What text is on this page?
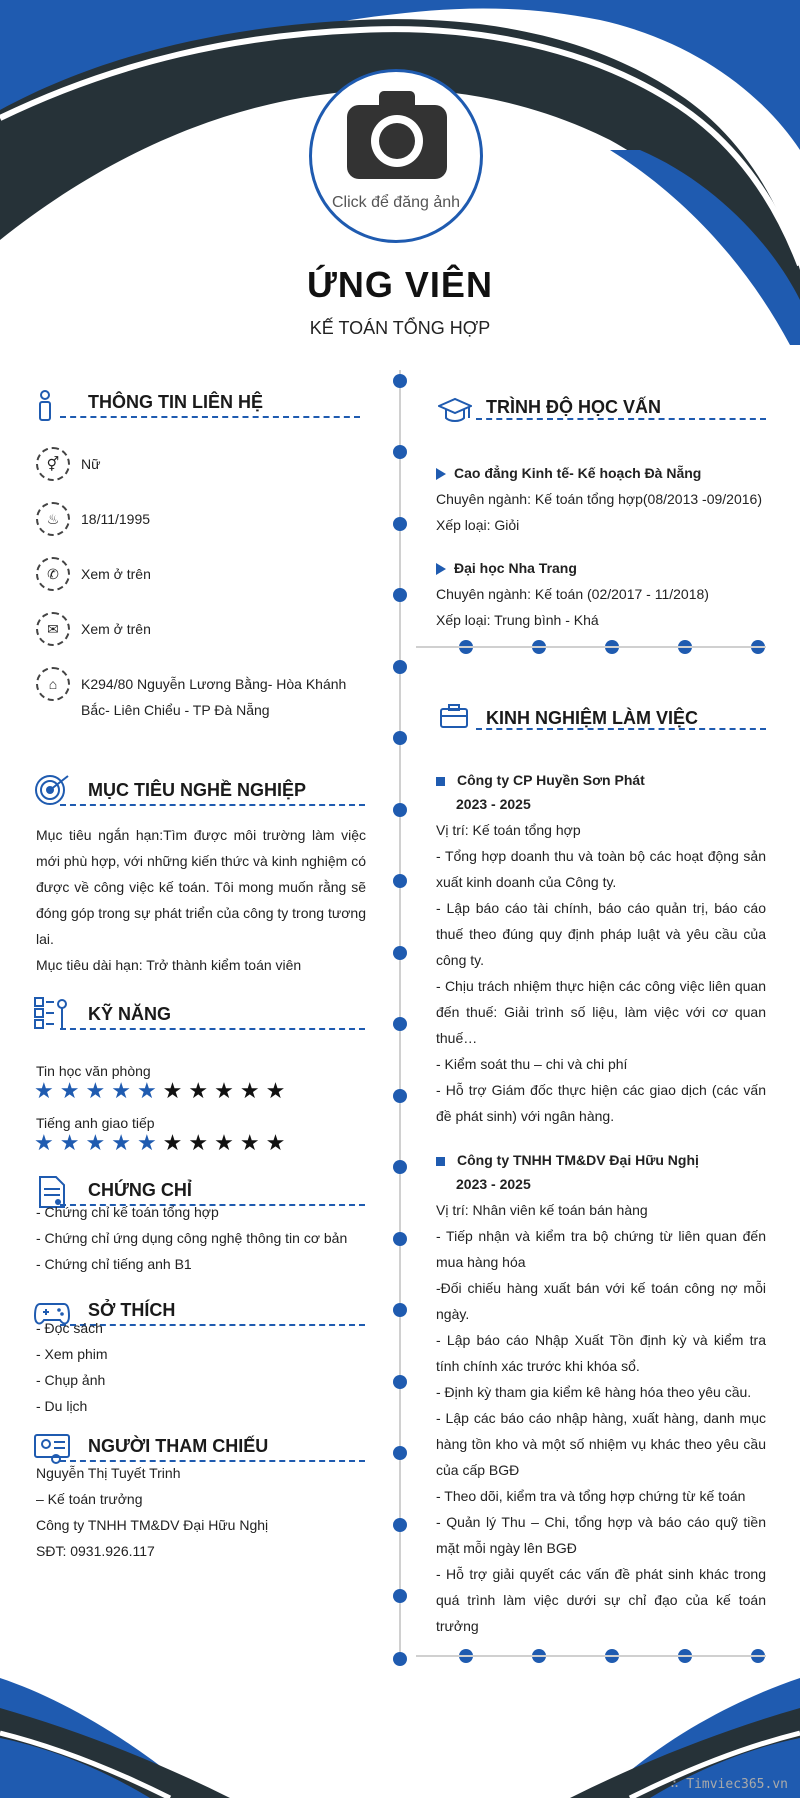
Click để đăng ảnh
ỨNG VIÊN
KẾ TOÁN TỔNG HỢP
THÔNG TIN LIÊN HỆ
⚥	Nữ
♨	18/11/1995
✆	Xem ở trên
✉	Xem ở trên
⌂	K294/80 Nguyễn Lương Bằng- Hòa Khánh
Bắc- Liên Chiểu - TP Đà Nẵng
MỤC TIÊU NGHỀ NGHIỆP
Mục tiêu ngắn hạn:Tìm được môi trường làm việc mới phù hợp, với những kiến thức và kinh nghiệm có được về công việc kế toán. Tôi mong muốn rằng sẽ đóng góp trong sự phát triển của công ty trong tương lai.
Mục tiêu dài hạn: Trở thành kiểm toán viên
KỸ NĂNG
Tin học văn phòng
★★★★★★★★★★
Tiếng anh giao tiếp
★★★★★★★★★★
CHỨNG CHỈ
- Chứng chỉ kế toán tổng hợp
- Chứng chỉ ứng dụng công nghệ thông tin cơ bản
- Chứng chỉ tiếng anh B1
SỞ THÍCH
- Đọc sách
- Xem phim
- Chụp ảnh
- Du lịch
NGƯỜI THAM CHIẾU
Nguyễn Thị Tuyết Trinh
– Kế toán trưởng
Công ty TNHH TM&DV Đại Hữu Nghị
SĐT: 0931.926.117
TRÌNH ĐỘ HỌC VẤN
Cao đẳng Kinh tế- Kế hoạch Đà Nẵng
Chuyên ngành: Kế toán tổng hợp(08/2013 -09/2016)
Xếp loại: Giỏi
Đại học Nha Trang
Chuyên ngành: Kế toán (02/2017 - 11/2018)
Xếp loại: Trung bình - Khá
KINH NGHIỆM LÀM VIỆC
Công ty CP Huyền Sơn Phát
2023 - 2025
Vị trí: Kế toán tổng hợp
- Tổng hợp doanh thu và toàn bộ các hoạt động sản xuất kinh doanh của Công ty.
- Lập báo cáo tài chính, báo cáo quản trị, báo cáo thuế theo đúng quy định pháp luật và yêu cầu của công ty.
- Chịu trách nhiệm thực hiện các công việc liên quan đến thuế: Giải trình số liệu, làm việc với cơ quan thuế…
- Kiểm soát thu – chi và chi phí
- Hỗ trợ Giám đốc thực hiện các giao dịch (các vấn đề phát sinh) với ngân hàng.
Công ty TNHH TM&DV Đại Hữu Nghị
2023 - 2025
Vị trí: Nhân viên kế toán bán hàng
- Tiếp nhận và kiểm tra bộ chứng từ liên quan đến mua hàng hóa
-Đối chiếu hàng xuất bán với kế toán công nợ mỗi ngày.
- Lập báo cáo Nhập Xuất Tồn định kỳ và kiểm tra tính chính xác trước khi khóa sổ.
- Định kỳ tham gia kiểm kê hàng hóa theo yêu cầu.
- Lập các báo cáo nhập hàng, xuất hàng, danh mục hàng tồn kho và một số nhiệm vụ khác theo yêu cầu của cấp BGĐ
- Theo dõi, kiểm tra và tổng hợp chứng từ kế toán
- Quản lý Thu – Chi, tổng hợp và báo cáo quỹ tiền mặt mỗi ngày lên BGĐ
- Hỗ trợ giải quyết các vấn đề phát sinh khác trong quá trình làm việc dưới sự chỉ đạo của kế toán trưởng
∴ Timviec365.vn
